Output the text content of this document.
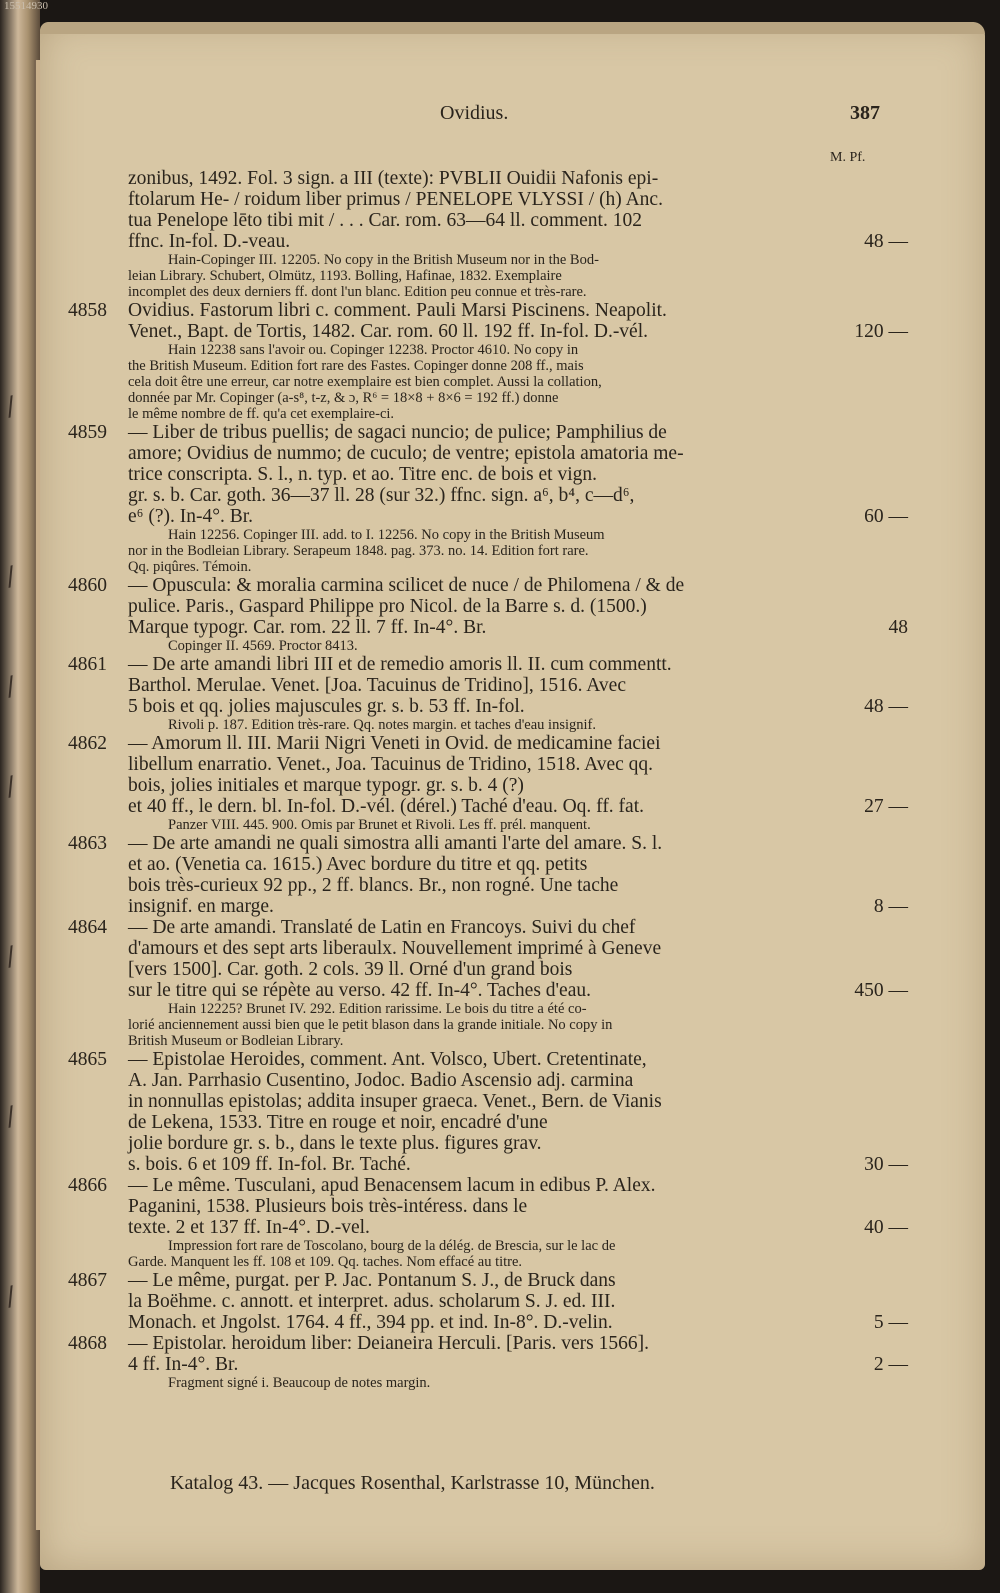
Ovidius.	387
M. Pf.
zonibus, 1492. Fol. 3 sign. a III (texte): PVBLII Ouidii Nafonis epi-
ftolarum He- / roidum liber primus / PENELOPE VLYSSI / (h) Anc.
tua Penelope lēto tibi mit / . . . Car. rom. 63—64 ll. comment. 102
ffnc. In-fol. D.-veau.	48 —
Hain-Copinger III. 12205. No copy in the British Museum nor in the Bod-
leian Library. Schubert, Olmütz, 1193. Bolling, Hafinae, 1832. Exemplaire
incomplet des deux derniers ff. dont l'un blanc. Edition peu connue et très-rare.
4858	Ovidius. Fastorum libri c. comment. Pauli Marsi Piscinens. Neapolit.
Venet., Bapt. de Tortis, 1482. Car. rom. 60 ll. 192 ff. In-fol. D.-vél.	120 —
Hain 12238 sans l'avoir ou. Copinger 12238. Proctor 4610. No copy in
the British Museum. Edition fort rare des Fastes. Copinger donne 208 ff., mais
cela doit être une erreur, car notre exemplaire est bien complet. Aussi la collation,
donnée par Mr. Copinger (a-s⁸, t-z, & ɔ, R⁶ = 18×8 + 8×6 = 192 ff.) donne
le même nombre de ff. qu'a cet exemplaire-ci.
4859	— Liber de tribus puellis; de sagaci nuncio; de pulice; Pamphilius de
amore; Ovidius de nummo; de cuculo; de ventre; epistola amatoria me-
trice conscripta. S. l., n. typ. et ao. Titre enc. de bois et vign.
gr. s. b. Car. goth. 36—37 ll. 28 (sur 32.) ffnc. sign. a⁶, b⁴, c—d⁶,
e⁶ (?). In-4°. Br.	60 —
Hain 12256. Copinger III. add. to I. 12256. No copy in the British Museum
nor in the Bodleian Library. Serapeum 1848. pag. 373. no. 14. Edition fort rare.
Qq. piqûres. Témoin.
4860	— Opuscula: & moralia carmina scilicet de nuce / de Philomena / & de
pulice. Paris., Gaspard Philippe pro Nicol. de la Barre s. d. (1500.)
Marque typogr. Car. rom. 22 ll. 7 ff. In-4°. Br.	48
Copinger II. 4569. Proctor 8413.
4861	— De arte amandi libri III et de remedio amoris ll. II. cum commentt.
Barthol. Merulae. Venet. [Joa. Tacuinus de Tridino], 1516. Avec
5 bois et qq. jolies majuscules gr. s. b. 53 ff. In-fol.	48 —
Rivoli p. 187. Edition très-rare. Qq. notes margin. et taches d'eau insignif.
4862	— Amorum ll. III. Marii Nigri Veneti in Ovid. de medicamine faciei
libellum enarratio. Venet., Joa. Tacuinus de Tridino, 1518. Avec qq.
bois, jolies initiales et marque typogr. gr. s. b. 4 (?)
et 40 ff., le dern. bl. In-fol. D.-vél. (dérel.) Taché d'eau. Oq. ff. fat.	27 —
Panzer VIII. 445. 900. Omis par Brunet et Rivoli. Les ff. prél. manquent.
4863	— De arte amandi ne quali simostra alli amanti l'arte del amare. S. l.
et ao. (Venetia ca. 1615.) Avec bordure du titre et qq. petits
bois très-curieux 92 pp., 2 ff. blancs. Br., non rogné. Une tache
insignif. en marge.	8 —
4864	— De arte amandi. Translaté de Latin en Francoys. Suivi du chef
d'amours et des sept arts liberaulx. Nouvellement imprimé à Geneve
[vers 1500]. Car. goth. 2 cols. 39 ll. Orné d'un grand bois
sur le titre qui se répète au verso. 42 ff. In-4°. Taches d'eau.	450 —
Hain 12225? Brunet IV. 292. Edition rarissime. Le bois du titre a été co-
lorié anciennement aussi bien que le petit blason dans la grande initiale. No copy in
British Museum or Bodleian Library.
4865	— Epistolae Heroides, comment. Ant. Volsco, Ubert. Cretentinate,
A. Jan. Parrhasio Cusentino, Jodoc. Badio Ascensio adj. carmina
in nonnullas epistolas; addita insuper graeca. Venet., Bern. de Vianis
de Lekena, 1533. Titre en rouge et noir, encadré d'une
jolie bordure gr. s. b., dans le texte plus. figures grav.
s. bois. 6 et 109 ff. In-fol. Br. Taché.	30 —
4866	— Le même. Tusculani, apud Benacensem lacum in edibus P. Alex.
Paganini, 1538. Plusieurs bois très-intéress. dans le
texte. 2 et 137 ff. In-4°. D.-vel.	40 —
Impression fort rare de Toscolano, bourg de la délég. de Brescia, sur le lac de
Garde. Manquent les ff. 108 et 109. Qq. taches. Nom effacé au titre.
4867	— Le même, purgat. per P. Jac. Pontanum S. J., de Bruck dans
la Boëhme. c. annott. et interpret. adus. scholarum S. J. ed. III.
Monach. et Jngolst. 1764. 4 ff., 394 pp. et ind. In-8°. D.-velin.	5 —
4868	— Epistolar. heroidum liber: Deianeira Herculi. [Paris. vers 1566].
4 ff. In-4°. Br.	2 —
Fragment signé i. Beaucoup de notes margin.
Katalog 43. — Jacques Rosenthal, Karlstrasse 10, München.
15514930
/
/
/
/
/
/
/
